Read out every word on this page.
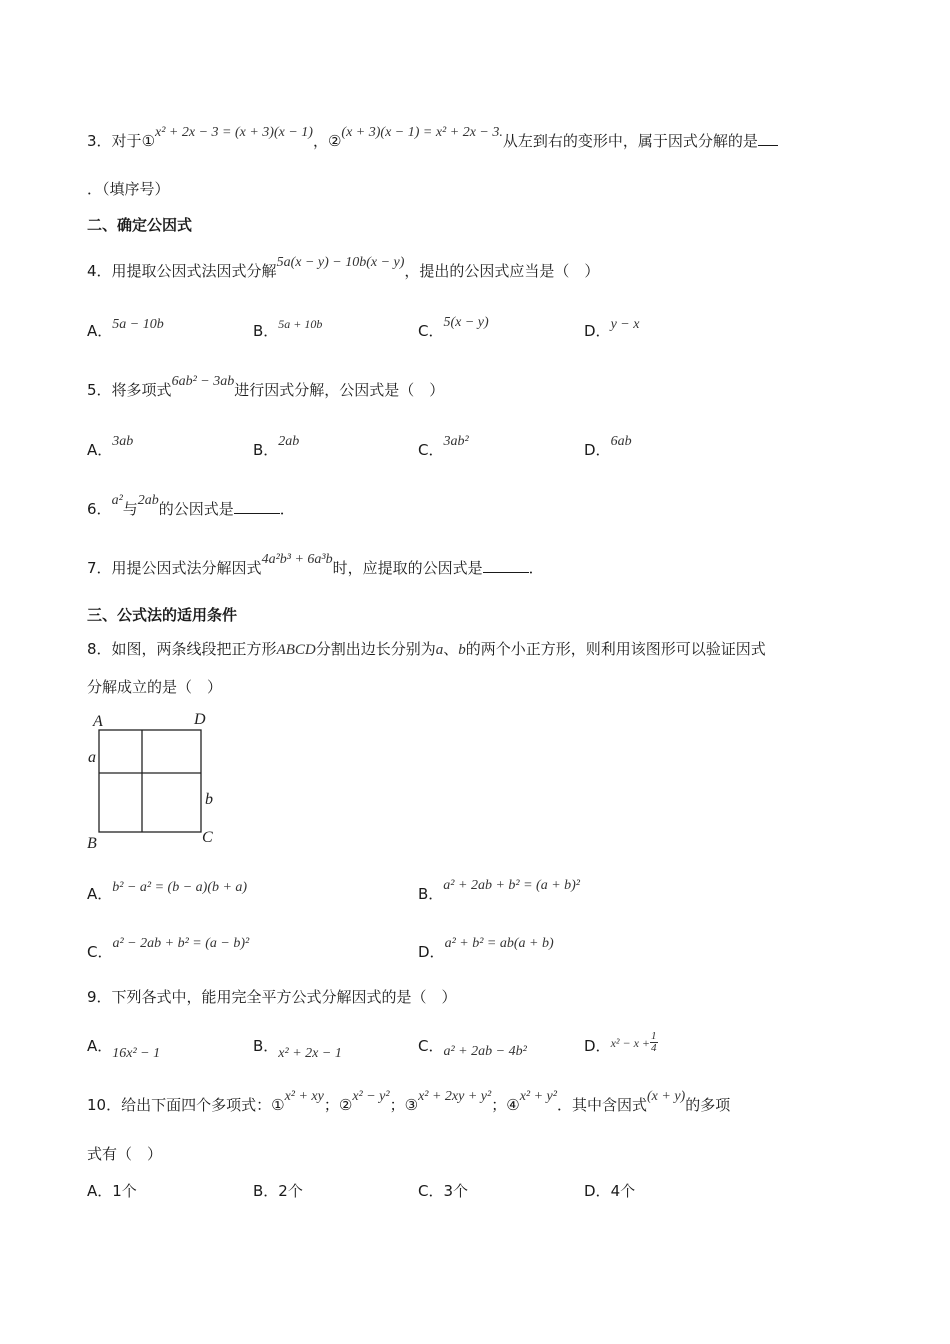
3．对于①x² + 2x − 3 = (x + 3)(x − 1)，②(x + 3)(x − 1) = x² + 2x − 3.从左到右的变形中，属于因式分解的是
．（填序号）
二、确定公因式
4．用提取公因式法因式分解5a(x − y) − 10b(x − y)，提出的公因式应当是（　）
A．5a − 10b	B．$^{5a + 10b}$	C．5(x − y)	D．y − x
5．将多项式6ab² − 3ab进行因式分解，公因式是（　）
A．3ab	B．2ab	C．3ab²	D．6ab
6．a²与2ab的公因式是	．
7．用提公因式法分解因式4a²b³ + 6a³b时，应提取的公因式是	．
三、公式法的适用条件
8．如图，两条线段把正方形ABCD分割出边长分别为a、b的两个小正方形，则利用该图形可以验证因式
分解成立的是（　）
A	D
a
b
B	C
A．b² − a² = (b − a)(b + a)	B．a² + 2ab + b² = (a + b)²
C．a² − 2ab + b² = (a − b)²	D．a² + b² = ab(a + b)
9．下列各式中，能用完全平方公式分解因式的是（　）
A．16x² − 1	B．x² + 2x − 1	C．a² + 2ab − 4b²	D．$^{x^2 - x +} \frac{1}{4}$
10．给出下面四个多项式：①x² + xy；②x² − y²；③x² + 2xy + y²；④x² + y²．其中含因式(x + y)的多项
式有（　）
A．1个	B．2个	C．3个	D．4个
